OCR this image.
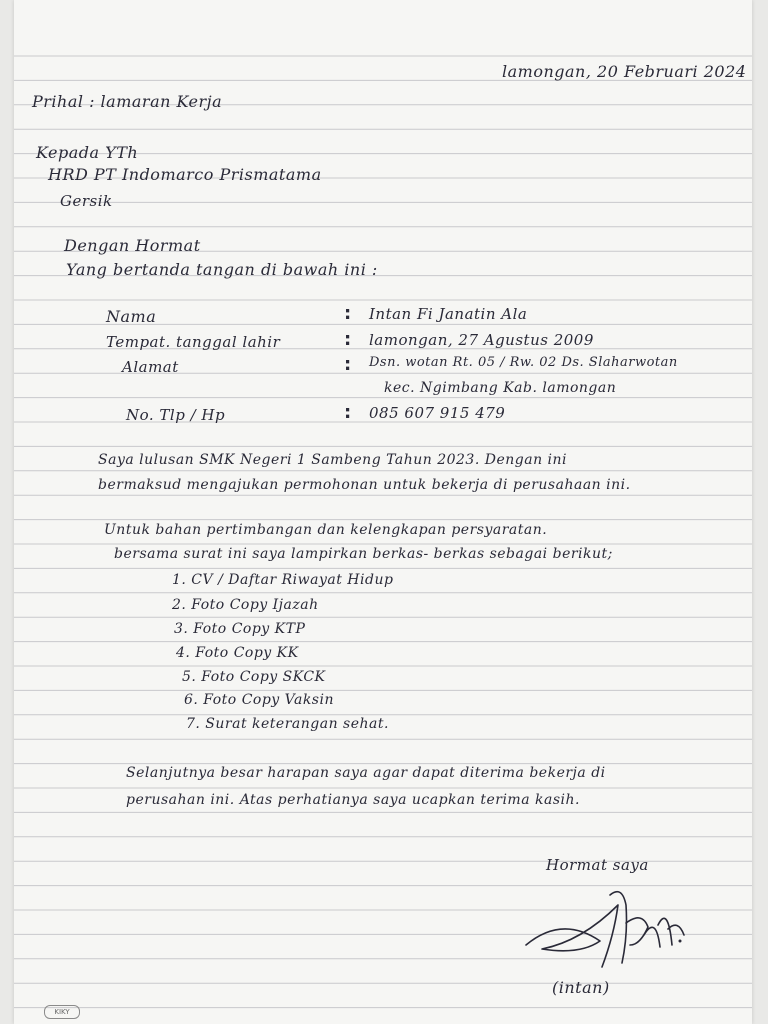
lamongan, 20 Februari 2024
Prihal : lamaran Kerja
Kepada YTh
HRD PT Indomarco Prismatama
Gersik
Dengan Hormat
Yang bertanda tangan di bawah ini :
Nama	: Intan Fi Janatin Ala
Tempat. tanggal lahir	: lamongan, 27 Agustus 2009
Alamat	: Dsn. wotan Rt. 05 / Rw. 02 Ds. Slaharwotan
kec. Ngimbang Kab. lamongan
No. Tlp / Hp	: 085 607 915 479
Saya lulusan SMK Negeri 1 Sambeng Tahun 2023. Dengan ini
bermaksud mengajukan permohonan untuk bekerja di perusahaan ini.
Untuk bahan pertimbangan dan kelengkapan persyaratan.
bersama surat ini saya lampirkan berkas- berkas sebagai berikut;
1. CV / Daftar Riwayat Hidup
2. Foto Copy Ijazah
3. Foto Copy KTP
4. Foto Copy KK
5. Foto Copy SKCK
6. Foto Copy Vaksin
7. Surat keterangan sehat.
Selanjutnya besar harapan saya agar dapat diterima bekerja di
perusahan ini. Atas perhatianya saya ucapkan terima kasih.
Hormat saya
(intan)
KIKY
